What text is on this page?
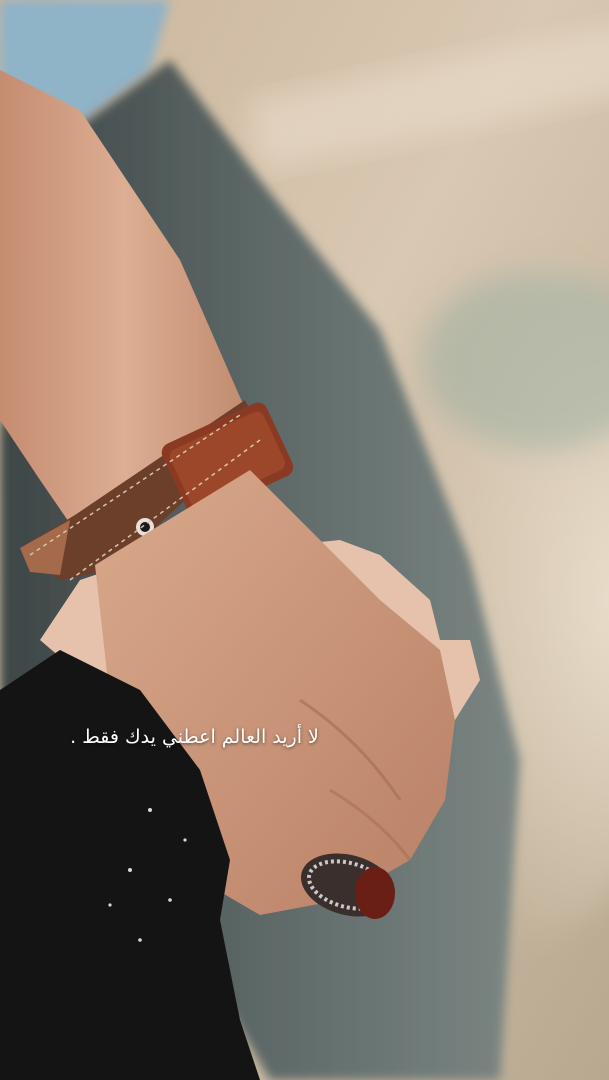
لا أريد العالم اعطني يدك فقط .
